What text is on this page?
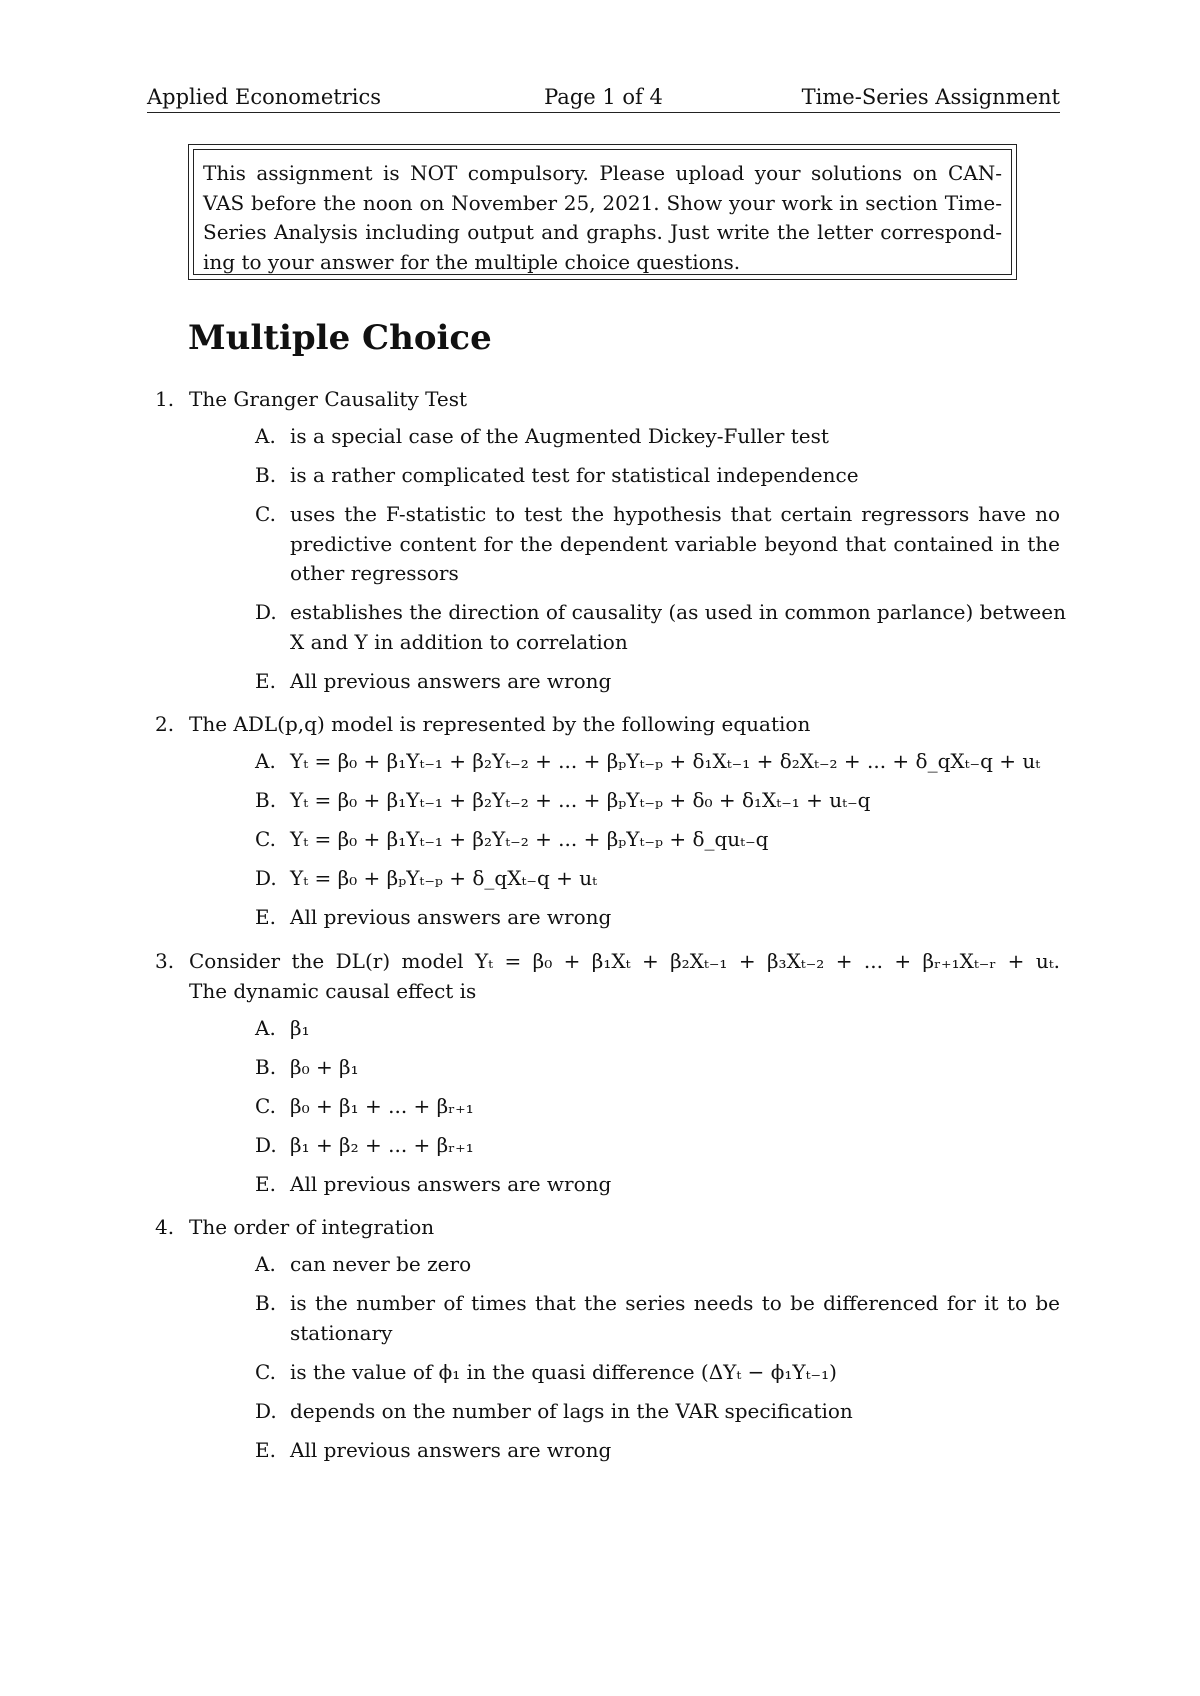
Applied Econometrics	Page 1 of 4	Time-Series Assignment
This assignment is NOT compulsory. Please upload your solutions on CAN-
VAS before the noon on November 25, 2021. Show your work in section Time-
Series Analysis including output and graphs. Just write the letter correspond-
ing to your answer for the multiple choice questions.
Multiple Choice
1. The Granger Causality Test
A. is a special case of the Augmented Dickey-Fuller test
B. is a rather complicated test for statistical independence
C. uses the F-statistic to test the hypothesis that certain regressors have no
predictive content for the dependent variable beyond that contained in the
other regressors
D. establishes the direction of causality (as used in common parlance) between
X and Y in addition to correlation
E. All previous answers are wrong
2. The ADL(p,q) model is represented by the following equation
A. Yₜ = β₀ + β₁Yₜ₋₁ + β₂Yₜ₋₂ + ... + βₚYₜ₋ₚ + δ₁Xₜ₋₁ + δ₂Xₜ₋₂ + ... + δ_qXₜ₋q + uₜ
B. Yₜ = β₀ + β₁Yₜ₋₁ + β₂Yₜ₋₂ + ... + βₚYₜ₋ₚ + δ₀ + δ₁Xₜ₋₁ + uₜ₋q
C. Yₜ = β₀ + β₁Yₜ₋₁ + β₂Yₜ₋₂ + ... + βₚYₜ₋ₚ + δ_quₜ₋q
D. Yₜ = β₀ + βₚYₜ₋ₚ + δ_qXₜ₋q + uₜ
E. All previous answers are wrong
3. Consider the DL(r) model Yₜ = β₀ + β₁Xₜ + β₂Xₜ₋₁ + β₃Xₜ₋₂ + ... + βᵣ₊₁Xₜ₋ᵣ + uₜ.
The dynamic causal effect is
A. β₁
B. β₀ + β₁
C. β₀ + β₁ + ... + βᵣ₊₁
D. β₁ + β₂ + ... + βᵣ₊₁
E. All previous answers are wrong
4. The order of integration
A. can never be zero
B. is the number of times that the series needs to be differenced for it to be
stationary
C. is the value of ϕ₁ in the quasi difference (ΔYₜ − ϕ₁Yₜ₋₁)
D. depends on the number of lags in the VAR specification
E. All previous answers are wrong
